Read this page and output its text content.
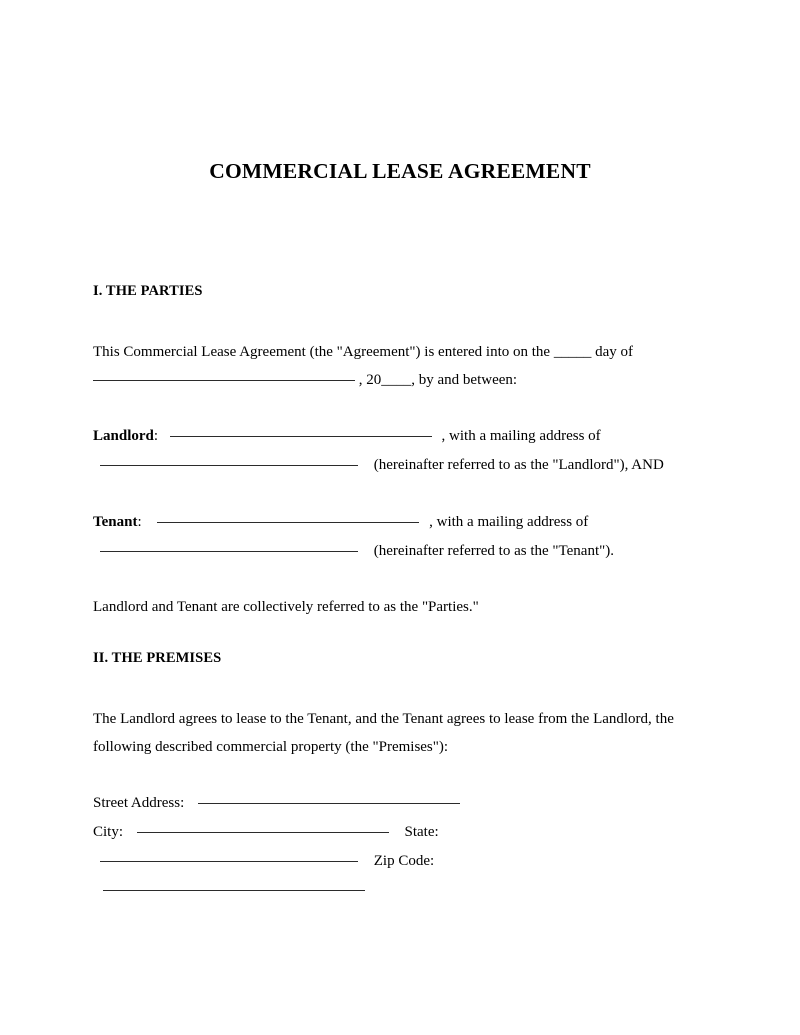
COMMERCIAL LEASE AGREEMENT
I. THE PARTIES
This Commercial Lease Agreement (the "Agreement") is entered into on the _____ day of
, 20____, by and between:
Landlord:	, with a mailing address of
(hereinafter referred to as the "Landlord"), AND
Tenant:	, with a mailing address of
(hereinafter referred to as the "Tenant").
Landlord and Tenant are collectively referred to as the "Parties."
II. THE PREMISES
The Landlord agrees to lease to the Tenant, and the Tenant agrees to lease from the Landlord, the
following described commercial property (the "Premises"):
Street Address:
City:	State:
Zip Code:
